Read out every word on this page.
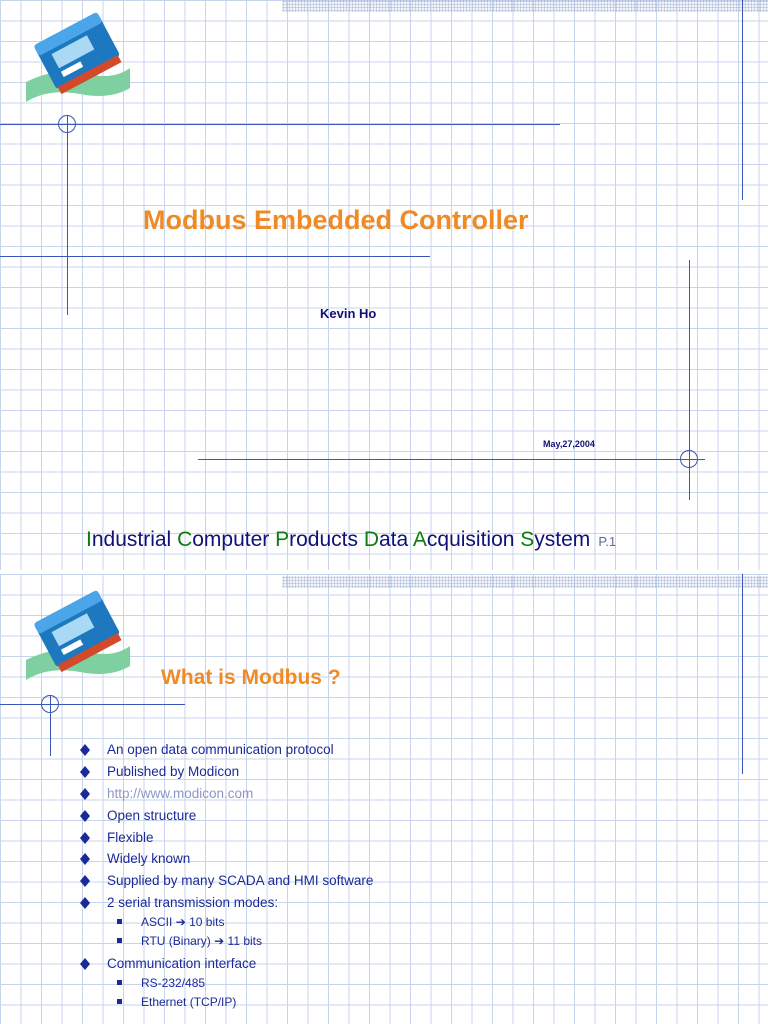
Modbus Embedded Controller
Kevin Ho
May,27,2004
Industrial Computer Products Data Acquisition System P.1
What is Modbus ?
An open data communication protocol
Published by Modicon
http://www.modicon.com
Open structure
Flexible
Widely known
Supplied by many SCADA and HMI software
2 serial transmission modes:
ASCII ➔ 10 bits
RTU (Binary) ➔ 11 bits
Communication interface
RS-232/485
Ethernet (TCP/IP)
